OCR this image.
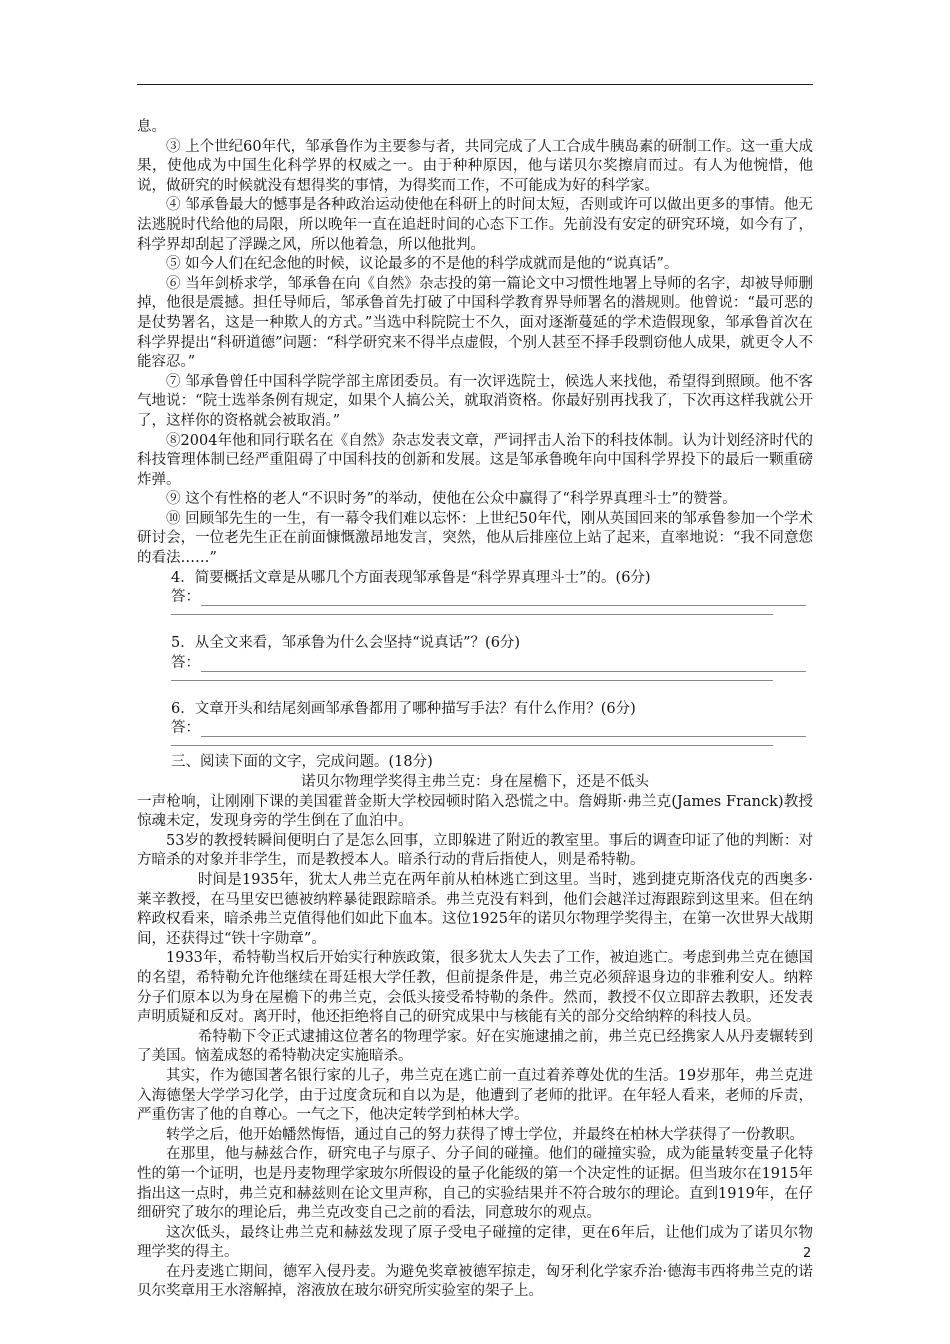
息。

③ 上个世纪60年代，邹承鲁作为主要参与者，共同完成了人工合成牛胰岛素的研制工作。这一重大成果，使他成为中国生化科学界的权威之一。由于种种原因，他与诺贝尔奖擦肩而过。有人为他惋惜，他说，做研究的时候就没有想得奖的事情，为得奖而工作，不可能成为好的科学家。

④ 邹承鲁最大的憾事是各种政治运动使他在科研上的时间太短，否则或许可以做出更多的事情。他无法逃脱时代给他的局限，所以晚年一直在追赶时间的心态下工作。先前没有安定的研究环境，如今有了，科学界却刮起了浮躁之风，所以他着急，所以他批判。

⑤ 如今人们在纪念他的时候，议论最多的不是他的科学成就而是他的“说真话”。

⑥ 当年剑桥求学，邹承鲁在向《自然》杂志投的第一篇论文中习惯性地署上导师的名字，却被导师删掉，他很是震撼。担任导师后，邹承鲁首先打破了中国科学教育界导师署名的潜规则。他曾说：“最可恶的是仗势署名，这是一种欺人的方式。”当选中科院院士不久，面对逐渐蔓延的学术造假现象，邹承鲁首次在科学界提出“科研道德”问题：“科学研究来不得半点虚假，个别人甚至不择手段剽窃他人成果，就更令人不能容忍。”

⑦ 邹承鲁曾任中国科学院学部主席团委员。有一次评选院士，候选人来找他，希望得到照顾。他不客气地说：“院士选举条例有规定，如果个人搞公关，就取消资格。你最好别再找我了，下次再这样我就公开了，这样你的资格就会被取消。”

⑧2004年他和同行联名在《自然》杂志发表文章，严词抨击人治下的科技体制。认为计划经济时代的科技管理体制已经严重阻碍了中国科技的创新和发展。这是邹承鲁晚年向中国科学界投下的最后一颗重磅炸弹。

⑨ 这个有性格的老人“不识时务”的举动，使他在公众中赢得了“科学界真理斗士”的赞誉。

⑩ 回顾邹先生的一生，有一幕令我们难以忘怀：上世纪50年代，刚从英国回来的邹承鲁参加一个学术研讨会，一位老先生正在前面慷慨激昂地发言，突然，他从后排座位上站了起来，直率地说：“我不同意您的看法……”

4．简要概括文章是从哪几个方面表现邹承鲁是“科学界真理斗士”的。(6分)

答：

5．从全文来看，邹承鲁为什么会坚持“说真话”？(6分)

答：

6．文章开头和结尾刻画邹承鲁都用了哪种描写手法？有什么作用？(6分)

答：

三、阅读下面的文字，完成问题。(18分)

诺贝尔物理学奖得主弗兰克：身在屋檐下，还是不低头

一声枪响，让刚刚下课的美国霍普金斯大学校园顿时陷入恐慌之中。詹姆斯·弗兰克(James Franck)教授惊魂未定，发现身旁的学生倒在了血泊中。

53岁的教授转瞬间便明白了是怎么回事，立即躲进了附近的教室里。事后的调查印证了他的判断：对方暗杀的对象并非学生，而是教授本人。暗杀行动的背后指使人，则是希特勒。

时间是1935年，犹太人弗兰克在两年前从柏林逃亡到这里。当时，逃到捷克斯洛伐克的西奥多·莱辛教授，在马里安巴德被纳粹暴徒跟踪暗杀。弗兰克没有料到，他们会越洋过海跟踪到这里来。但在纳粹政权看来，暗杀弗兰克值得他们如此下血本。这位1925年的诺贝尔物理学奖得主，在第一次世界大战期间，还获得过“铁十字勋章”。

1933年，希特勒当权后开始实行种族政策，很多犹太人失去了工作，被迫逃亡。考虑到弗兰克在德国的名望，希特勒允许他继续在哥廷根大学任教，但前提条件是，弗兰克必须辞退身边的非雅利安人。纳粹分子们原本以为身在屋檐下的弗兰克，会低头接受希特勒的条件。然而，教授不仅立即辞去教职，还发表声明质疑和反对。离开时，他还拒绝将自己的研究成果中与核能有关的部分交给纳粹的科技人员。

希特勒下令正式逮捕这位著名的物理学家。好在实施逮捕之前，弗兰克已经携家人从丹麦辗转到了美国。恼羞成怒的希特勒决定实施暗杀。

其实，作为德国著名银行家的儿子，弗兰克在逃亡前一直过着养尊处优的生活。19岁那年，弗兰克进入海德堡大学学习化学，由于过度贪玩和自以为是，他遭到了老师的批评。在年轻人看来，老师的斥责，严重伤害了他的自尊心。一气之下，他决定转学到柏林大学。

转学之后，他开始幡然悔悟，通过自己的努力获得了博士学位，并最终在柏林大学获得了一份教职。

在那里，他与赫兹合作，研究电子与原子、分子间的碰撞。他们的碰撞实验，成为能量转变量子化特性的第一个证明，也是丹麦物理学家玻尔所假设的量子化能级的第一个决定性的证据。但当玻尔在1915年指出这一点时，弗兰克和赫兹则在论文里声称，自己的实验结果并不符合玻尔的理论。直到1919年，在仔细研究了玻尔的理论后，弗兰克改变自己之前的看法，同意玻尔的观点。

这次低头，最终让弗兰克和赫兹发现了原子受电子碰撞的定律，更在6年后，让他们成为了诺贝尔物理学奖的得主。

在丹麦逃亡期间，德军入侵丹麦。为避免奖章被德军掠走，匈牙利化学家乔治·德海韦西将弗兰克的诺贝尔奖章用王水溶解掉，溶液放在玻尔研究所实验室的架子上。

2
